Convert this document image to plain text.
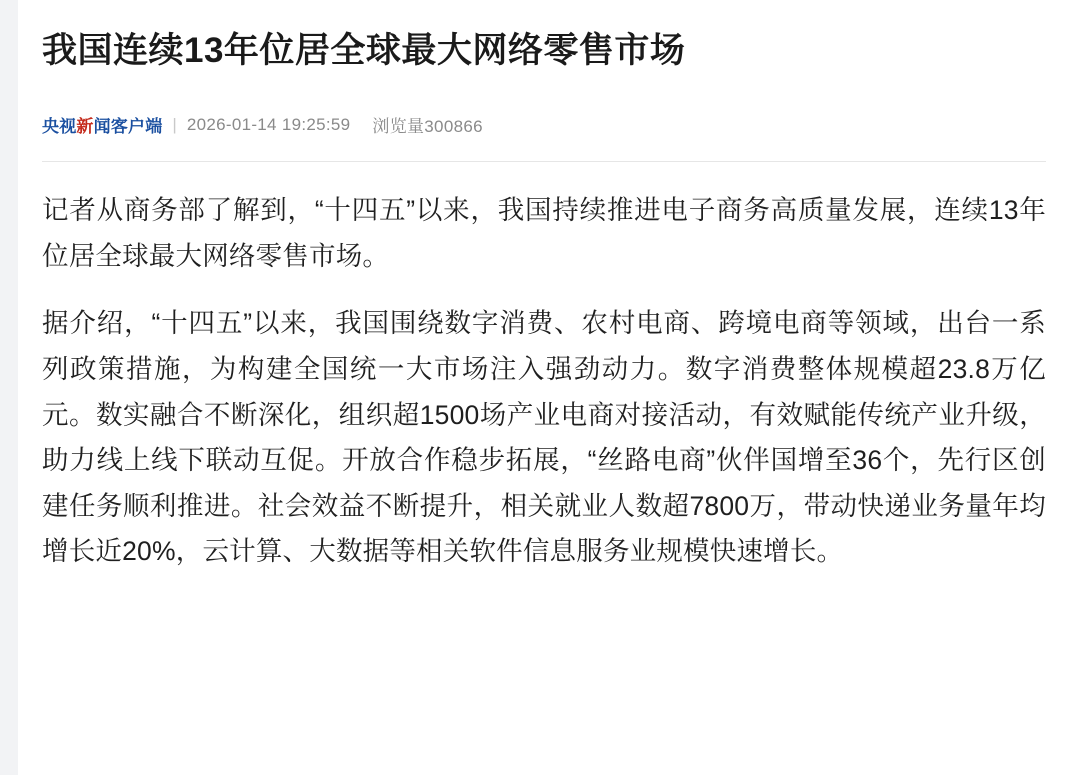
我国连续13年位居全球最大网络零售市场
央视新闻客户端 | 2026-01-14 19:25:59 浏览量300866

记者从商务部了解到，“十四五”以来，我国持续推进电子商务高质量发展，连续13年位居全球最大网络零售市场。

据介绍，“十四五”以来，我国围绕数字消费、农村电商、跨境电商等领域，出台一系列政策措施，为构建全国统一大市场注入强劲动力。数字消费整体规模超23.8万亿元。数实融合不断深化，组织超1500场产业电商对接活动，有效赋能传统产业升级，助力线上线下联动互促。开放合作稳步拓展，“丝路电商”伙伴国增至36个，先行区创建任务顺利推进。社会效益不断提升，相关就业人数超7800万，带动快递业务量年均增长近20%，云计算、大数据等相关软件信息服务业规模快速增长。
